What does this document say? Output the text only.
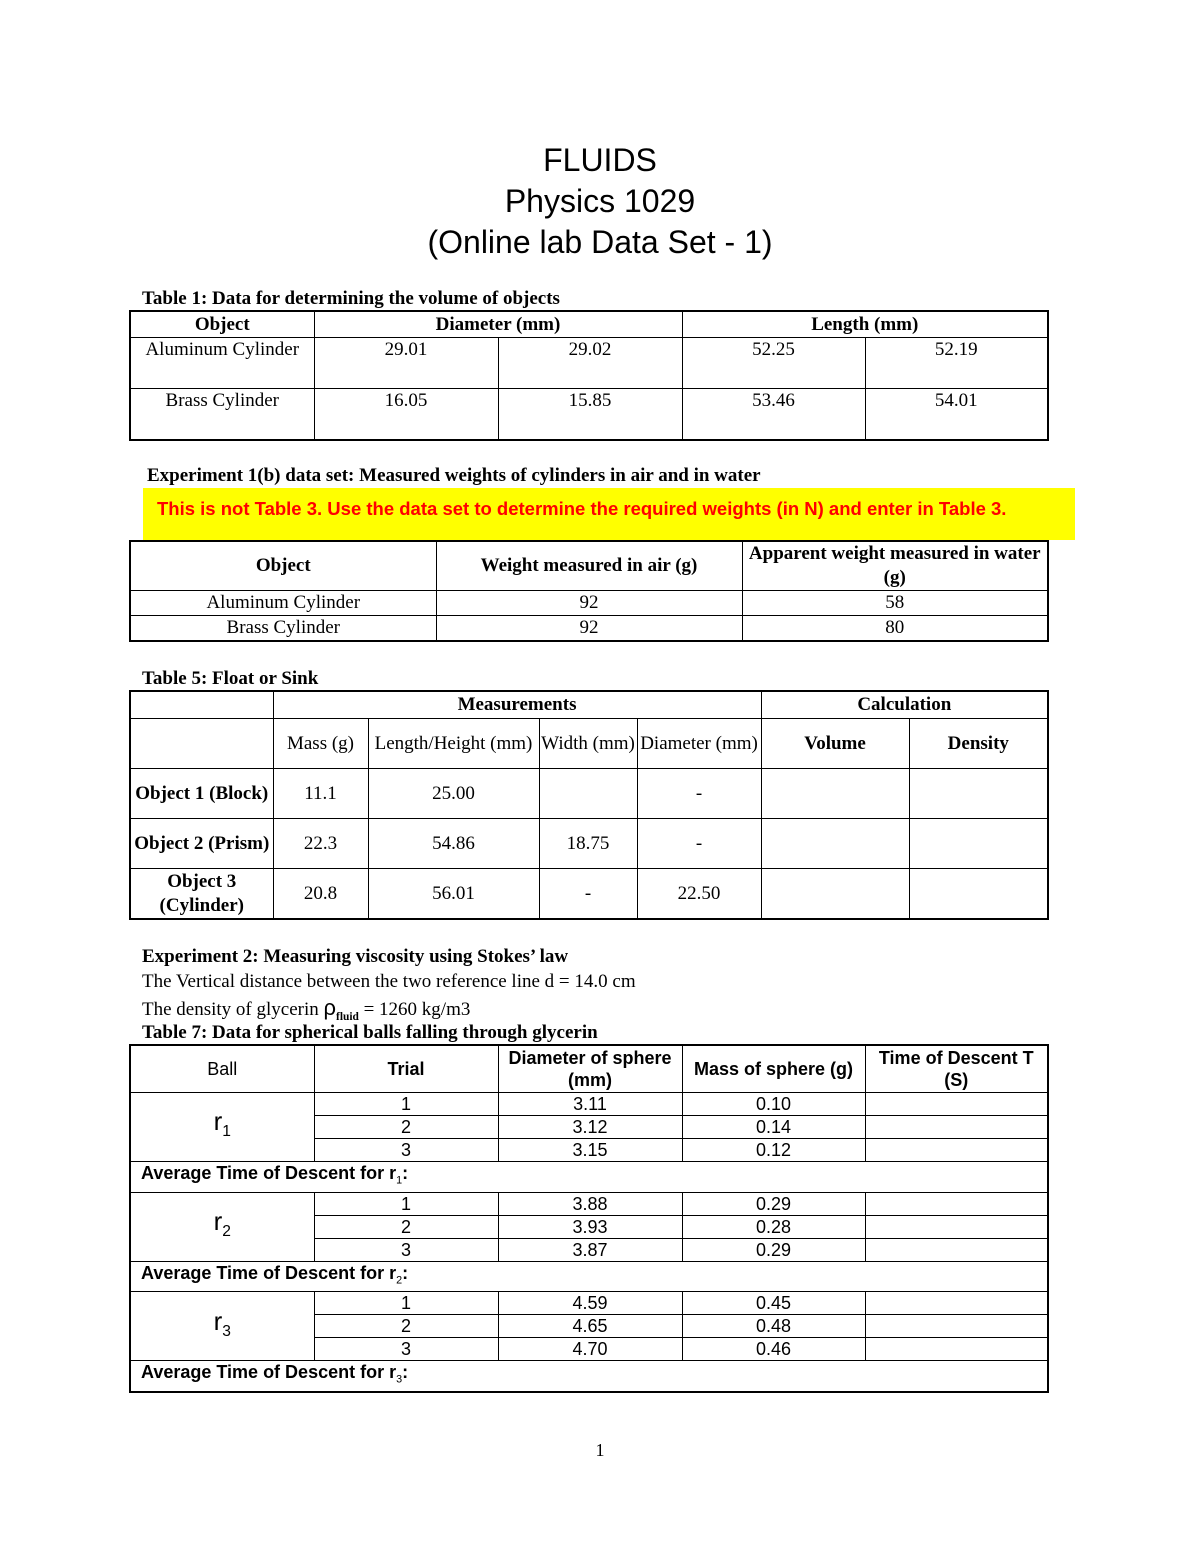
FLUIDS
Physics 1029
(Online lab Data Set - 1)
Table 1: Data for determining the volume of objects
Object	Diameter (mm)		Length (mm)	
Aluminum Cylinder	29.01	29.02	52.25	52.19
Brass Cylinder	16.05	15.85	53.46	54.01
Experiment 1(b) data set: Measured weights of cylinders in air and in water
This is not Table 3. Use the data set to determine the required weights (in N) and enter in Table 3.
Object	Weight measured in air (g)	Apparent weight measured in water (g)
Aluminum Cylinder	92	58
Brass Cylinder	92	80
Table 5: Float or Sink
	Measurements				Calculation	
	Mass (g)	Length/Height (mm)	Width (mm)	Diameter (mm)	Volume	Density
Object 1 (Block)	11.1	25.00		-		
Object 2 (Prism)	22.3	54.86	18.75	-		
Object 3 (Cylinder)	20.8	56.01	-	22.50		
Experiment 2: Measuring viscosity using Stokes’ law
The Vertical distance between the two reference line d = 14.0 cm
The density of glycerin $\rho_{fluid} = 1260$ kg/m3
Table 7: Data for spherical balls falling through glycerin
Ball	Trial	Diameter of sphere (mm)	Mass of sphere (g)	Time of Descent T (S)
$r_1$	1	3.11	0.10	
	2	3.12	0.14	
	3	3.15	0.12	
Average Time of Descent for $r_1$:				
$r_2$	1	3.88	0.29	
	2	3.93	0.28	
	3	3.87	0.29	
Average Time of Descent for $r_2$:				
$r_3$	1	4.59	0.45	
	2	4.65	0.48	
	3	4.70	0.46	
Average Time of Descent for $r_3$:				
1
